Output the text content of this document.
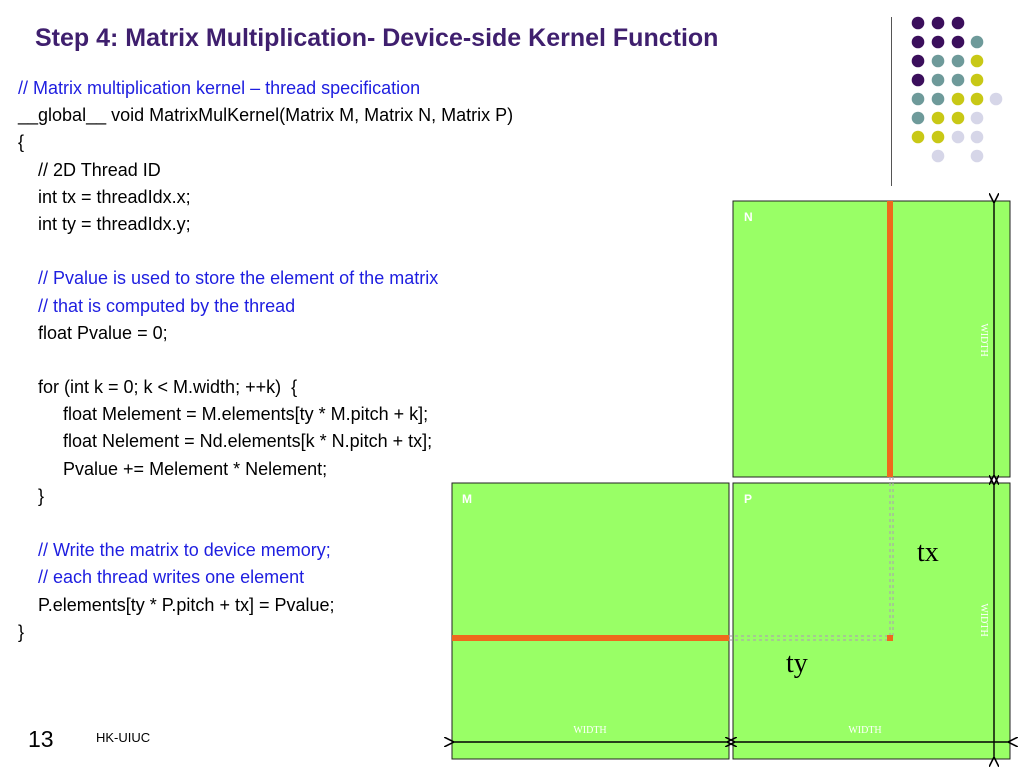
Step 4: Matrix Multiplication- Device-side Kernel Function
// Matrix multiplication kernel – thread specification
__global__ void MatrixMulKernel(Matrix M, Matrix N, Matrix P)
{
// 2D Thread ID
int tx = threadIdx.x;
int ty = threadIdx.y;
// Pvalue is used to store the element of the matrix
// that is computed by the thread
float Pvalue = 0;
for (int k = 0; k < M.width; ++k)  {
float Melement = M.elements[ty * M.pitch + k];
float Nelement = Nd.elements[k * N.pitch + tx];
Pvalue += Melement * Nelement;
}
// Write the matrix to device memory;
// each thread writes one element
P.elements[ty * P.pitch + tx] = Pvalue;
}
N
M	P
tx
ty
WIDTH
WIDTH
WIDTH	WIDTH
13	HK-UIUC
